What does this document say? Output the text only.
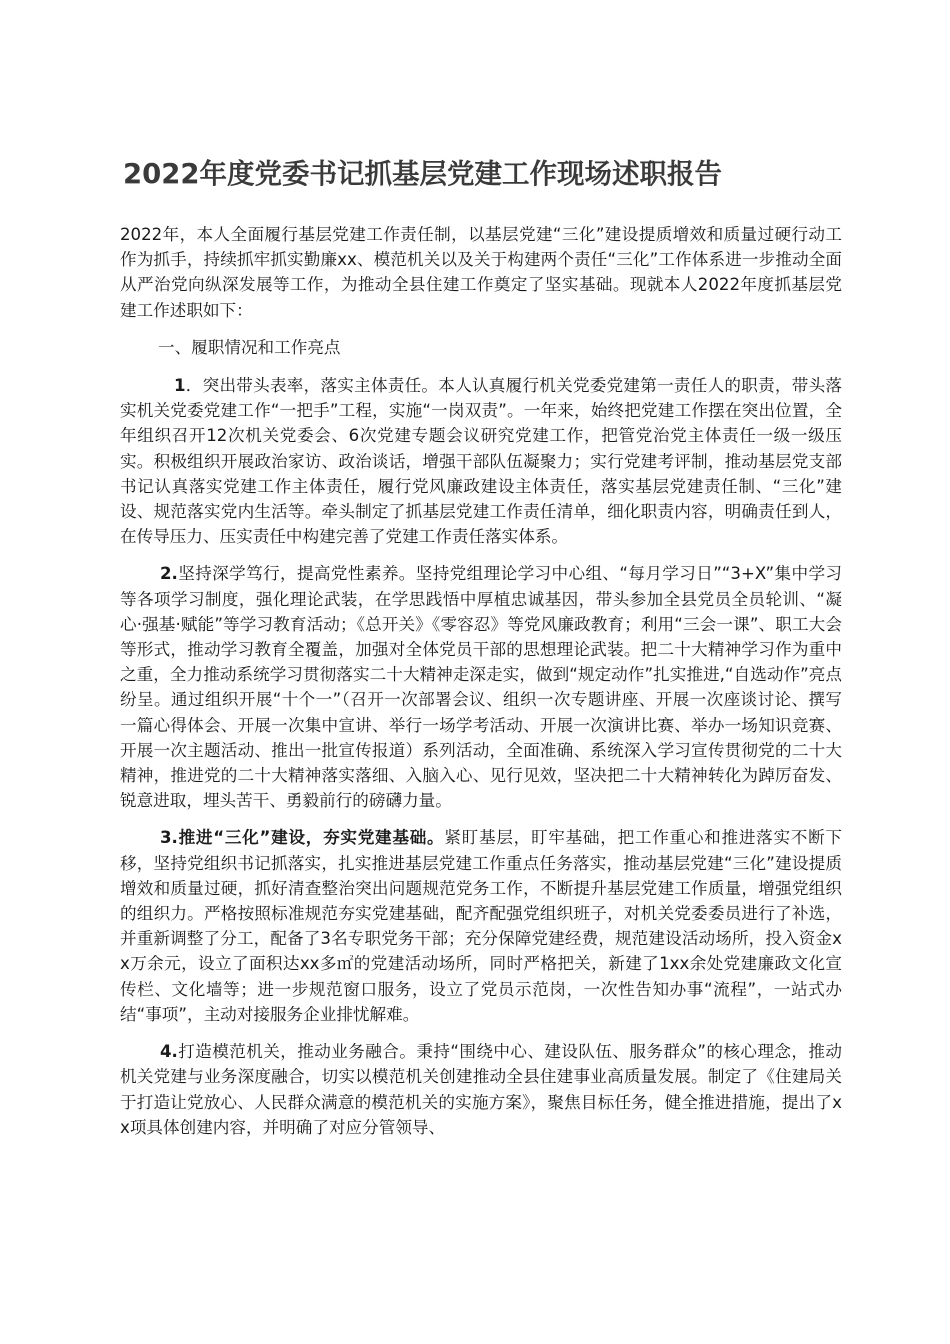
2022年度党委书记抓基层党建工作现场述职报告

2022年，本人全面履行基层党建工作责任制，以基层党建“三化”建设提质增效和质量过硬行动工作为抓手，持续抓牢抓实勤廉xx、模范机关以及关于构建两个责任“三化”工作体系进一步推动全面从严治党向纵深发展等工作，为推动全县住建工作奠定了坚实基础。现就本人2022年度抓基层党建工作述职如下：

一、履职情况和工作亮点

1．突出带头表率，落实主体责任。本人认真履行机关党委党建第一责任人的职责，带头落实机关党委党建工作“一把手”工程，实施“一岗双责”。一年来，始终把党建工作摆在突出位置，全年组织召开12次机关党委会、6次党建专题会议研究党建工作，把管党治党主体责任一级一级压实。积极组织开展政治家访、政治谈话，增强干部队伍凝聚力；实行党建考评制，推动基层党支部书记认真落实党建工作主体责任，履行党风廉政建设主体责任，落实基层党建责任制、“三化”建设、规范落实党内生活等。牵头制定了抓基层党建工作责任清单，细化职责内容，明确责任到人，在传导压力、压实责任中构建完善了党建工作责任落实体系。

2.坚持深学笃行，提高党性素养。坚持党组理论学习中心组、“每月学习日”“3+X”集中学习等各项学习制度，强化理论武装，在学思践悟中厚植忠诚基因，带头参加全县党员全员轮训、“凝心·强基·赋能”等学习教育活动；《总开关》《零容忍》等党风廉政教育；利用“三会一课”、职工大会等形式，推动学习教育全覆盖，加强对全体党员干部的思想理论武装。把二十大精神学习作为重中之重，全力推动系统学习贯彻落实二十大精神走深走实，做到“规定动作”扎实推进,“自选动作”亮点纷呈。通过组织开展“十个一”（召开一次部署会议、组织一次专题讲座、开展一次座谈讨论、撰写一篇心得体会、开展一次集中宣讲、举行一场学考活动、开展一次演讲比赛、举办一场知识竞赛、开展一次主题活动、推出一批宣传报道）系列活动，全面准确、系统深入学习宣传贯彻党的二十大精神，推进党的二十大精神落实落细、入脑入心、见行见效，坚决把二十大精神转化为踔厉奋发、锐意进取，埋头苦干、勇毅前行的磅礴力量。

3.推进“三化”建设，夯实党建基础。紧盯基层，盯牢基础，把工作重心和推进落实不断下移，坚持党组织书记抓落实，扎实推进基层党建工作重点任务落实，推动基层党建“三化”建设提质增效和质量过硬，抓好清查整治突出问题规范党务工作，不断提升基层党建工作质量，增强党组织的组织力。严格按照标准规范夯实党建基础，配齐配强党组织班子，对机关党委委员进行了补选，并重新调整了分工，配备了3名专职党务干部；充分保障党建经费，规范建设活动场所，投入资金xx万余元，设立了面积达xx多㎡的党建活动场所，同时严格把关，新建了1xx余处党建廉政文化宣传栏、文化墙等；进一步规范窗口服务，设立了党员示范岗，一次性告知办事“流程”，一站式办结“事项”，主动对接服务企业排忧解难。

4.打造模范机关，推动业务融合。秉持“围绕中心、建设队伍、服务群众”的核心理念，推动机关党建与业务深度融合，切实以模范机关创建推动全县住建事业高质量发展。制定了《住建局关于打造让党放心、人民群众满意的模范机关的实施方案》，聚焦目标任务，健全推进措施，提出了xx项具体创建内容，并明确了对应分管领导、
